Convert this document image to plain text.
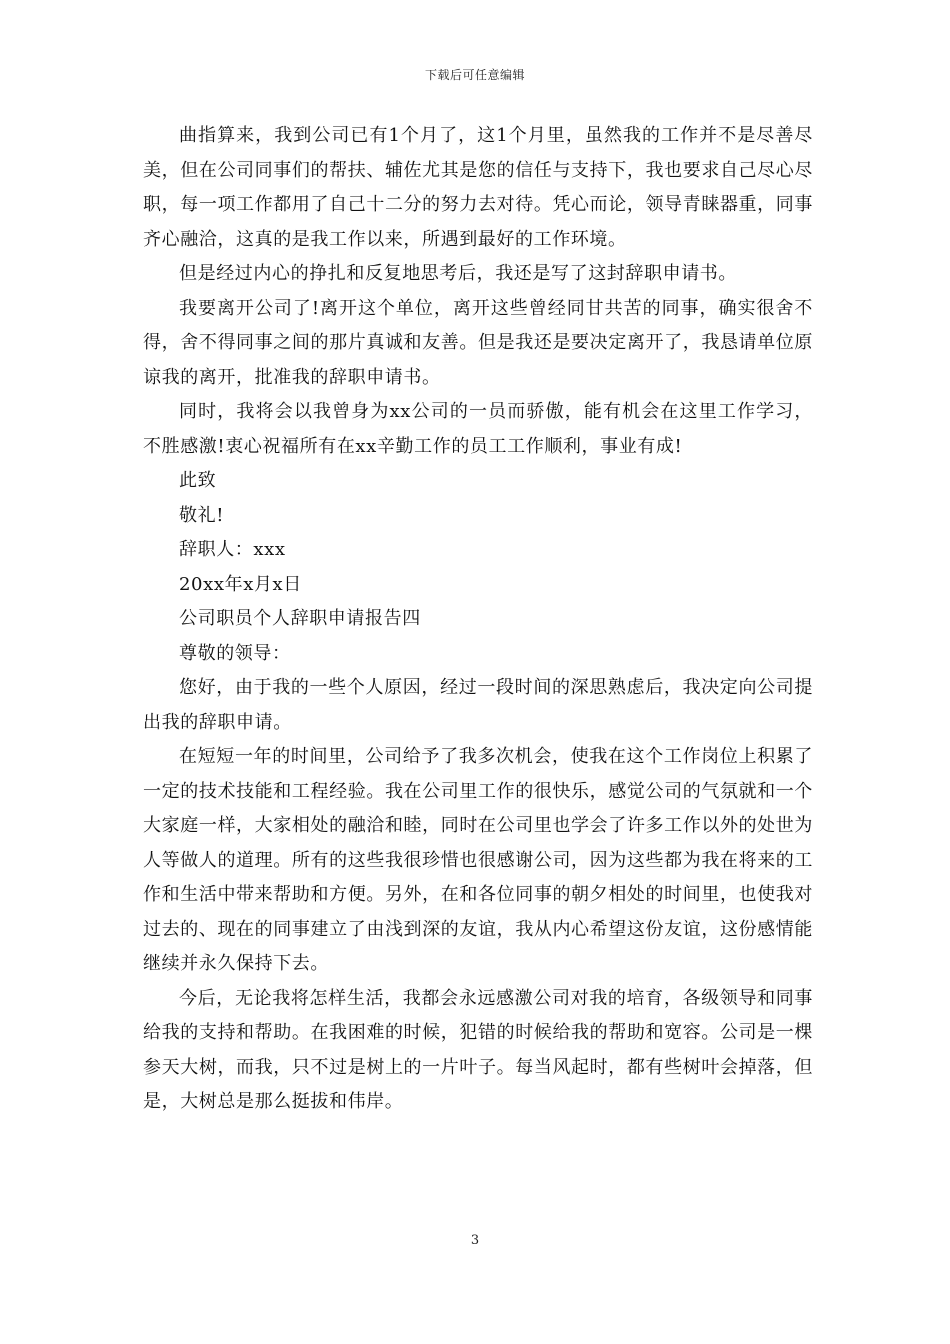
下载后可任意编辑

曲指算来，我到公司已有1个月了，这1个月里，虽然我的工作并不是尽善尽美，但在公司同事们的帮扶、辅佐尤其是您的信任与支持下，我也要求自己尽心尽职，每一项工作都用了自己十二分的努力去对待。凭心而论，领导青睐器重，同事齐心融洽，这真的是我工作以来，所遇到最好的工作环境。

但是经过内心的挣扎和反复地思考后，我还是写了这封辞职申请书。

我要离开公司了!离开这个单位，离开这些曾经同甘共苦的同事，确实很舍不得，舍不得同事之间的那片真诚和友善。但是我还是要决定离开了，我恳请单位原谅我的离开，批准我的辞职申请书。

同时，我将会以我曾身为xx公司的一员而骄傲，能有机会在这里工作学习，不胜感激!衷心祝福所有在xx辛勤工作的员工工作顺利，事业有成!

此致

敬礼!

辞职人：xxx

20xx年x月x日

公司职员个人辞职申请报告四

尊敬的领导：

您好，由于我的一些个人原因，经过一段时间的深思熟虑后，我决定向公司提出我的辞职申请。

在短短一年的时间里，公司给予了我多次机会，使我在这个工作岗位上积累了一定的技术技能和工程经验。我在公司里工作的很快乐，感觉公司的气氛就和一个大家庭一样，大家相处的融洽和睦，同时在公司里也学会了许多工作以外的处世为人等做人的道理。所有的这些我很珍惜也很感谢公司，因为这些都为我在将来的工作和生活中带来帮助和方便。另外，在和各位同事的朝夕相处的时间里，也使我对过去的、现在的同事建立了由浅到深的友谊，我从内心希望这份友谊，这份感情能继续并永久保持下去。

今后，无论我将怎样生活，我都会永远感激公司对我的培育，各级领导和同事给我的支持和帮助。在我困难的时候，犯错的时候给我的帮助和宽容。公司是一棵参天大树，而我，只不过是树上的一片叶子。每当风起时，都有些树叶会掉落，但是，大树总是那么挺拔和伟岸。

3
